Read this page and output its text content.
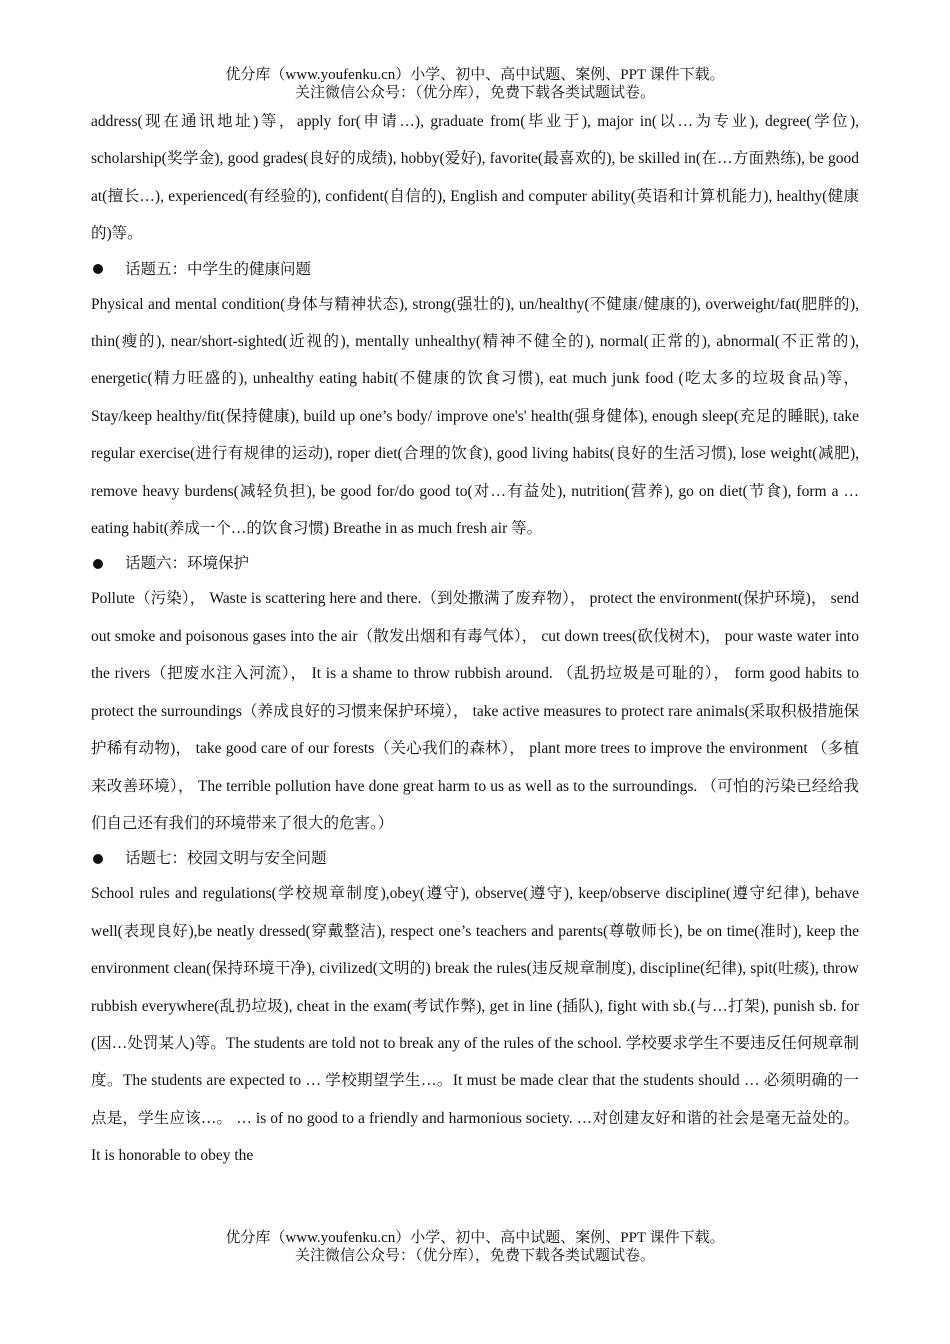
优分库（www.youfenku.cn）小学、初中、高中试题、案例、PPT 课件下载。
关注微信公众号：（优分库），免费下载各类试题试卷。

address(现在通讯地址)等，apply for(申请…), graduate from(毕业于), major in(以…为专业), degree(学位), scholarship(奖学金), good grades(良好的成绩), hobby(爱好), favorite(最喜欢的), be skilled in(在…方面熟练), be good at(擅长…), experienced(有经验的), confident(自信的), English and computer ability(英语和计算机能力), healthy(健康的)等。

话题五：中学生的健康问题

Physical and mental condition(身体与精神状态), strong(强壮的), un/healthy(不健康/健康的), overweight/fat(肥胖的), thin(瘦的), near/short-sighted(近视的), mentally unhealthy(精神不健全的), normal(正常的), abnormal(不正常的), energetic(精力旺盛的), unhealthy eating habit(不健康的饮食习惯), eat much junk food (吃太多的垃圾食品)等，Stay/keep healthy/fit(保持健康), build up one’s body/ improve one's' health(强身健体), enough sleep(充足的睡眠), take regular exercise(进行有规律的运动), roper diet(合理的饮食), good living habits(良好的生活习惯), lose weight(减肥), remove heavy burdens(减轻负担), be good for/do good to(对…有益处), nutrition(营养), go on diet(节食), form a … eating habit(养成一个…的饮食习惯) Breathe in as much fresh air 等。

话题六：环境保护

Pollute（污染）， Waste is scattering here and there.（到处撒满了废弃物）， protect the environment(保护环境)， send out smoke and poisonous gases into the air（散发出烟和有毒气体）， cut down trees(砍伐树木)， pour waste water into the rivers（把废水注入河流）， It is a shame to throw rubbish around. （乱扔垃圾是可耻的）， form good habits to protect the surroundings（养成良好的习惯来保护环境）， take active measures to protect rare animals(采取积极措施保护稀有动物)， take good care of our forests（关心我们的森林）， plant more trees to improve the environment （多植来改善环境）， The terrible pollution have done great harm to us as well as to the surroundings. （可怕的污染已经给我们自己还有我们的环境带来了很大的危害。）

话题七：校园文明与安全问题

School rules and regulations(学校规章制度),obey(遵守), observe(遵守), keep/observe discipline(遵守纪律), behave well(表现良好),be neatly dressed(穿戴整洁), respect one’s teachers and parents(尊敬师长), be on time(准时), keep the environment clean(保持环境干净), civilized(文明的) break the rules(违反规章制度), discipline(纪律), spit(吐痰), throw rubbish everywhere(乱扔垃圾), cheat in the exam(考试作弊), get in line (插队), fight with sb.(与…打架), punish sb. for (因…处罚某人)等。The students are told not to break any of the rules of the school. 学校要求学生不要违反任何规章制度。The students are expected to … 学校期望学生…。It must be made clear that the students should … 必须明确的一点是，学生应该…。 … is of no good to a friendly and harmonious society. …对创建友好和谐的社会是毫无益处的。It is honorable to obey the

优分库（www.youfenku.cn）小学、初中、高中试题、案例、PPT 课件下载。
关注微信公众号：（优分库），免费下载各类试题试卷。
